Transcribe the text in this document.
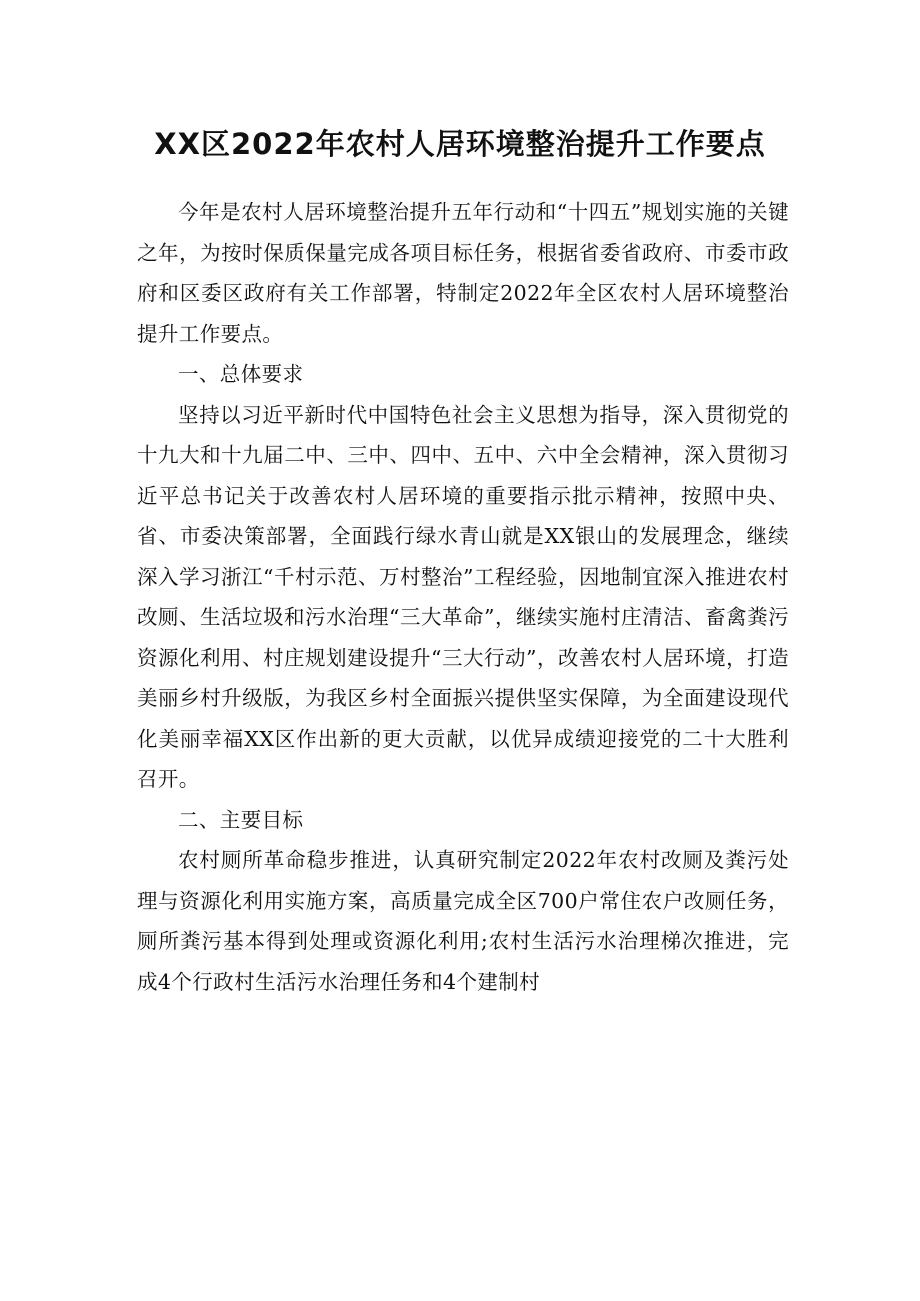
XX区2022年农村人居环境整治提升工作要点

今年是农村人居环境整治提升五年行动和“十四五”规划实施的关键之年，为按时保质保量完成各项目标任务，根据省委省政府、市委市政府和区委区政府有关工作部署，特制定2022年全区农村人居环境整治提升工作要点。

一、总体要求

坚持以习近平新时代中国特色社会主义思想为指导，深入贯彻党的十九大和十九届二中、三中、四中、五中、六中全会精神，深入贯彻习近平总书记关于改善农村人居环境的重要指示批示精神，按照中央、省、市委决策部署，全面践行绿水青山就是XX银山的发展理念，继续深入学习浙江“千村示范、万村整治”工程经验，因地制宜深入推进农村改厕、生活垃圾和污水治理“三大革命”，继续实施村庄清洁、畜禽粪污资源化利用、村庄规划建设提升“三大行动”，改善农村人居环境，打造美丽乡村升级版，为我区乡村全面振兴提供坚实保障，为全面建设现代化美丽幸福XX区作出新的更大贡献，以优异成绩迎接党的二十大胜利召开。

二、主要目标

农村厕所革命稳步推进，认真研究制定2022年农村改厕及粪污处理与资源化利用实施方案，高质量完成全区700户常住农户改厕任务，厕所粪污基本得到处理或资源化利用;农村生活污水治理梯次推进，完成4个行政村生活污水治理任务和4个建制村
